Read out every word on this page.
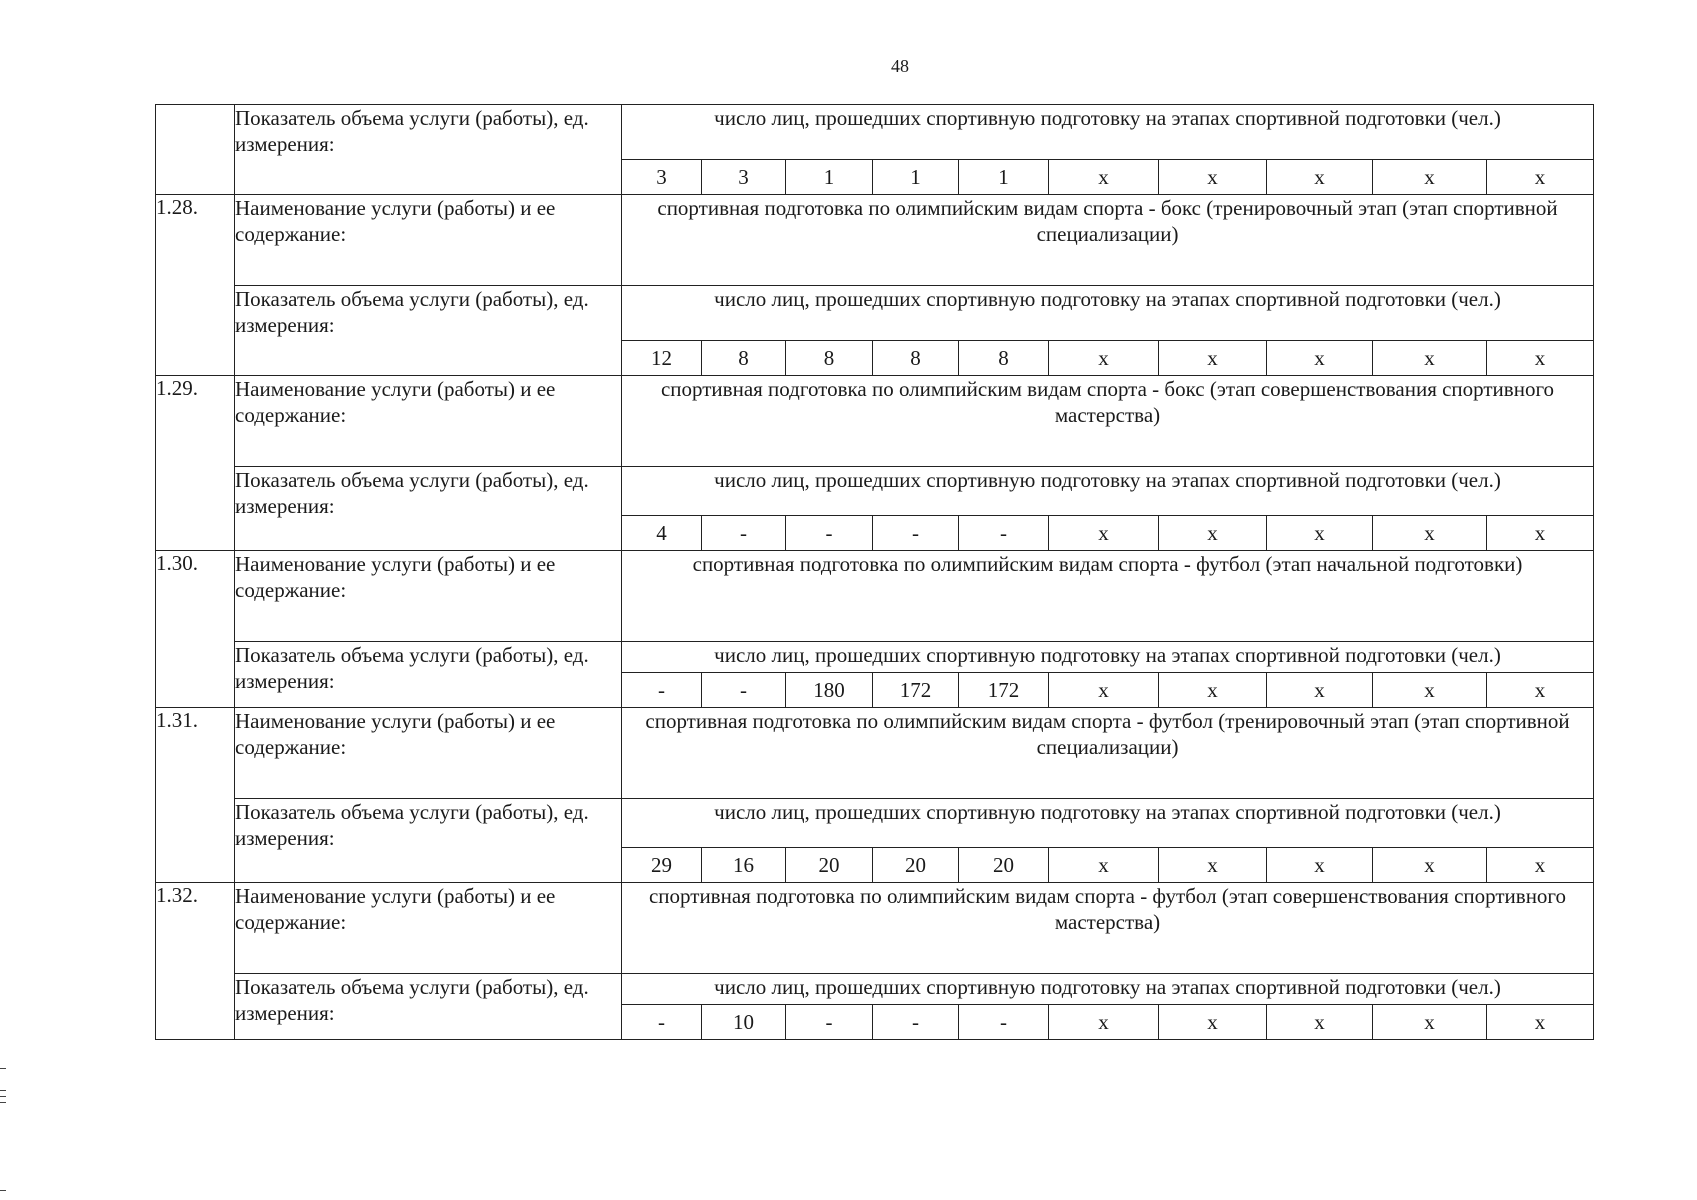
48
	Показатель объема услуги (работы), ед. измерения:	число лиц, прошедших спортивную подготовку на этапах спортивной подготовки (чел.)									
		3	3	1	1	1	х	х	х	х	х
1.28.	Наименование услуги (работы) и ее содержание:	спортивная подготовка по олимпийским видам спорта - бокс (тренировочный этап (этап спортивной специализации)									
	Показатель объема услуги (работы), ед. измерения:	число лиц, прошедших спортивную подготовку на этапах спортивной подготовки (чел.)									
		12	8	8	8	8	х	х	х	х	х
1.29.	Наименование услуги (работы) и ее содержание:	спортивная подготовка по олимпийским видам спорта - бокс (этап совершенствования спортивного мастерства)									
	Показатель объема услуги (работы), ед. измерения:	число лиц, прошедших спортивную подготовку на этапах спортивной подготовки (чел.)									
		4	-	-	-	-	х	х	х	х	х
1.30.	Наименование услуги (работы) и ее содержание:	спортивная подготовка по олимпийским видам спорта - футбол (этап начальной подготовки)									
	Показатель объема услуги (работы), ед. измерения:	число лиц, прошедших спортивную подготовку на этапах спортивной подготовки (чел.)									
		-	-	180	172	172	х	х	х	х	х
1.31.	Наименование услуги (работы) и ее содержание:	спортивная подготовка по олимпийским видам спорта - футбол (тренировочный этап (этап спортивной специализации)									
	Показатель объема услуги (работы), ед. измерения:	число лиц, прошедших спортивную подготовку на этапах спортивной подготовки (чел.)									
		29	16	20	20	20	х	х	х	х	х
1.32.	Наименование услуги (работы) и ее содержание:	спортивная подготовка по олимпийским видам спорта - футбол (этап совершенствования спортивного мастерства)									
	Показатель объема услуги (работы), ед. измерения:	число лиц, прошедших спортивную подготовку на этапах спортивной подготовки (чел.)									
		-	10	-	-	-	х	х	х	х	х
